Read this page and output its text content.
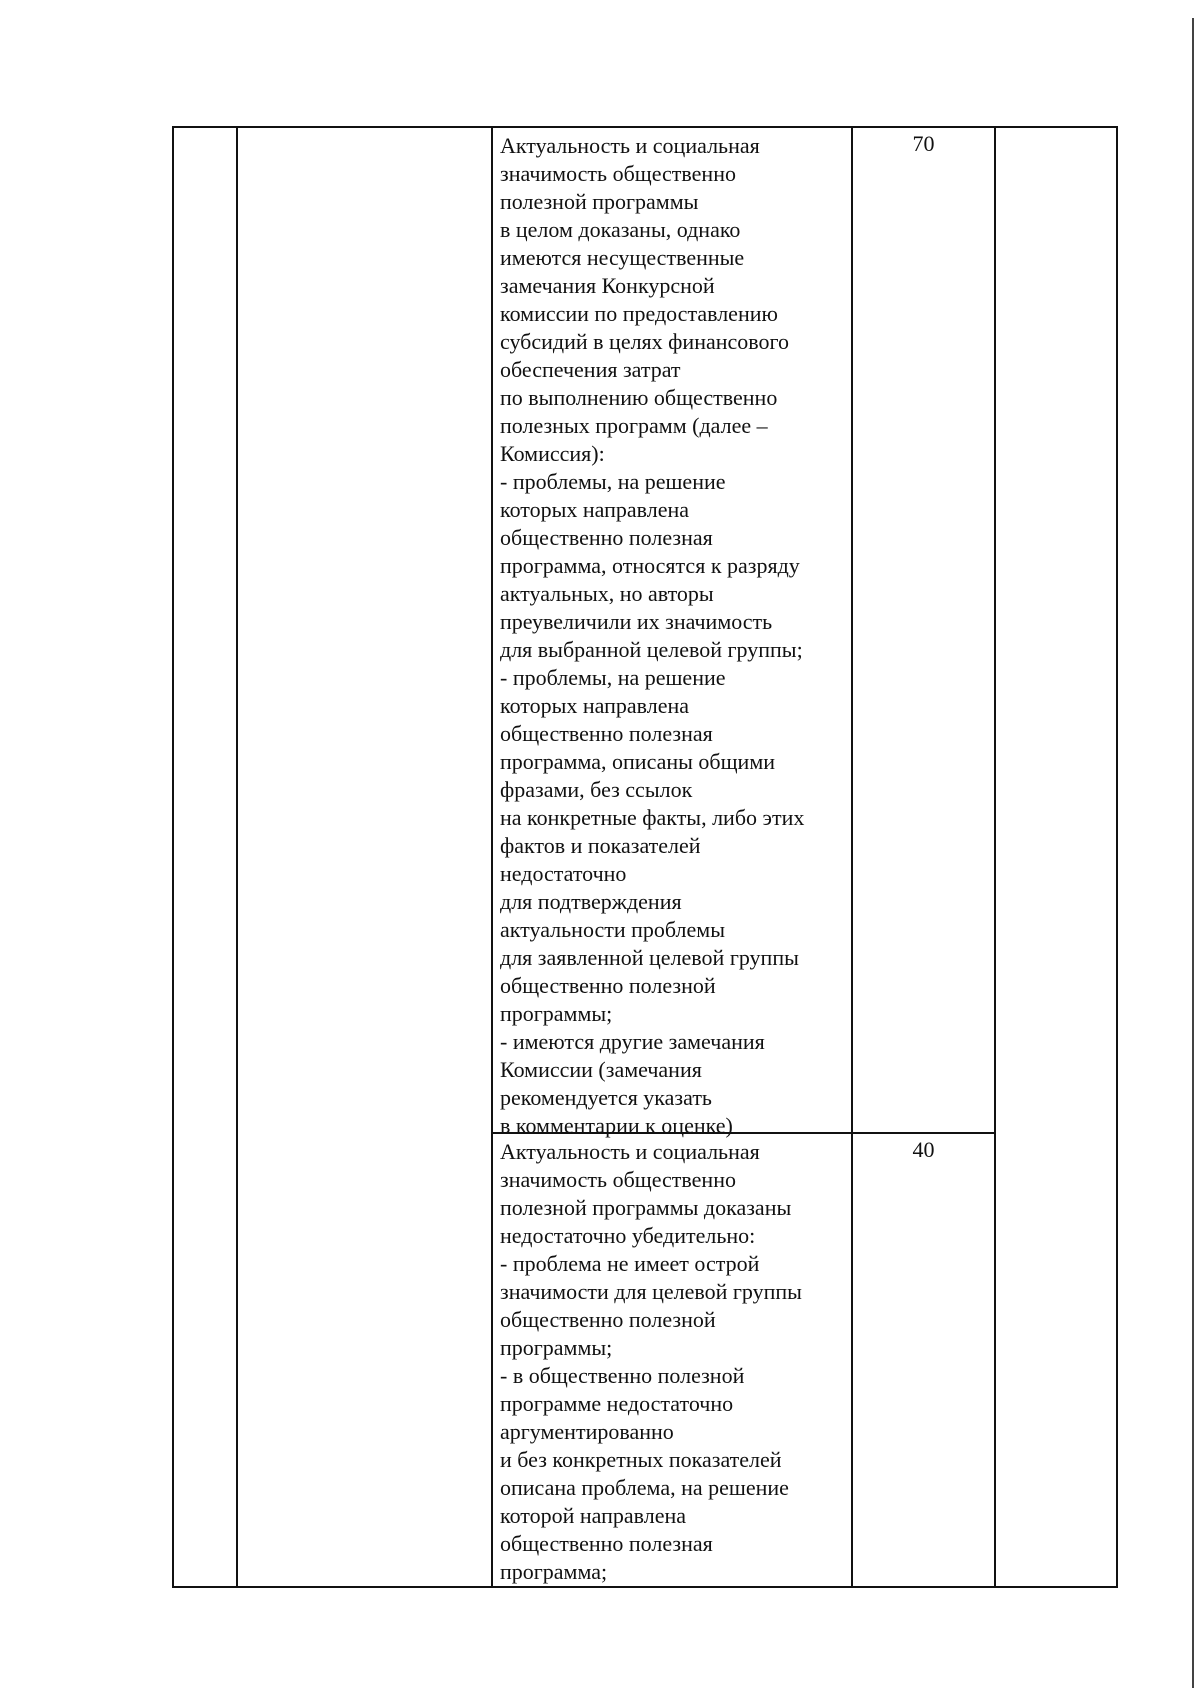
Актуальность и социальная
значимость общественно
полезной программы
в целом доказаны, однако
имеются несущественные
замечания Конкурсной
комиссии по предоставлению
субсидий в целях финансового
обеспечения затрат
по выполнению общественно
полезных программ (далее –
Комиссия):
- проблемы, на решение
которых направлена
общественно полезная
программа, относятся к разряду
актуальных, но авторы
преувеличили их значимость
для выбранной целевой группы;
- проблемы, на решение
которых направлена
общественно полезная
программа, описаны общими
фразами, без ссылок
на конкретные факты, либо этих
фактов и показателей
недостаточно
для подтверждения
актуальности проблемы
для заявленной целевой группы
общественно полезной
программы;
- имеются другие замечания
Комиссии (замечания
рекомендуется указать
в комментарии к оценке)
70
Актуальность и социальная
значимость общественно
полезной программы доказаны
недостаточно убедительно:
- проблема не имеет острой
значимости для целевой группы
общественно полезной
программы;
- в общественно полезной
программе недостаточно
аргументированно
и без конкретных показателей
описана проблема, на решение
которой направлена
общественно полезная
программа;
40
